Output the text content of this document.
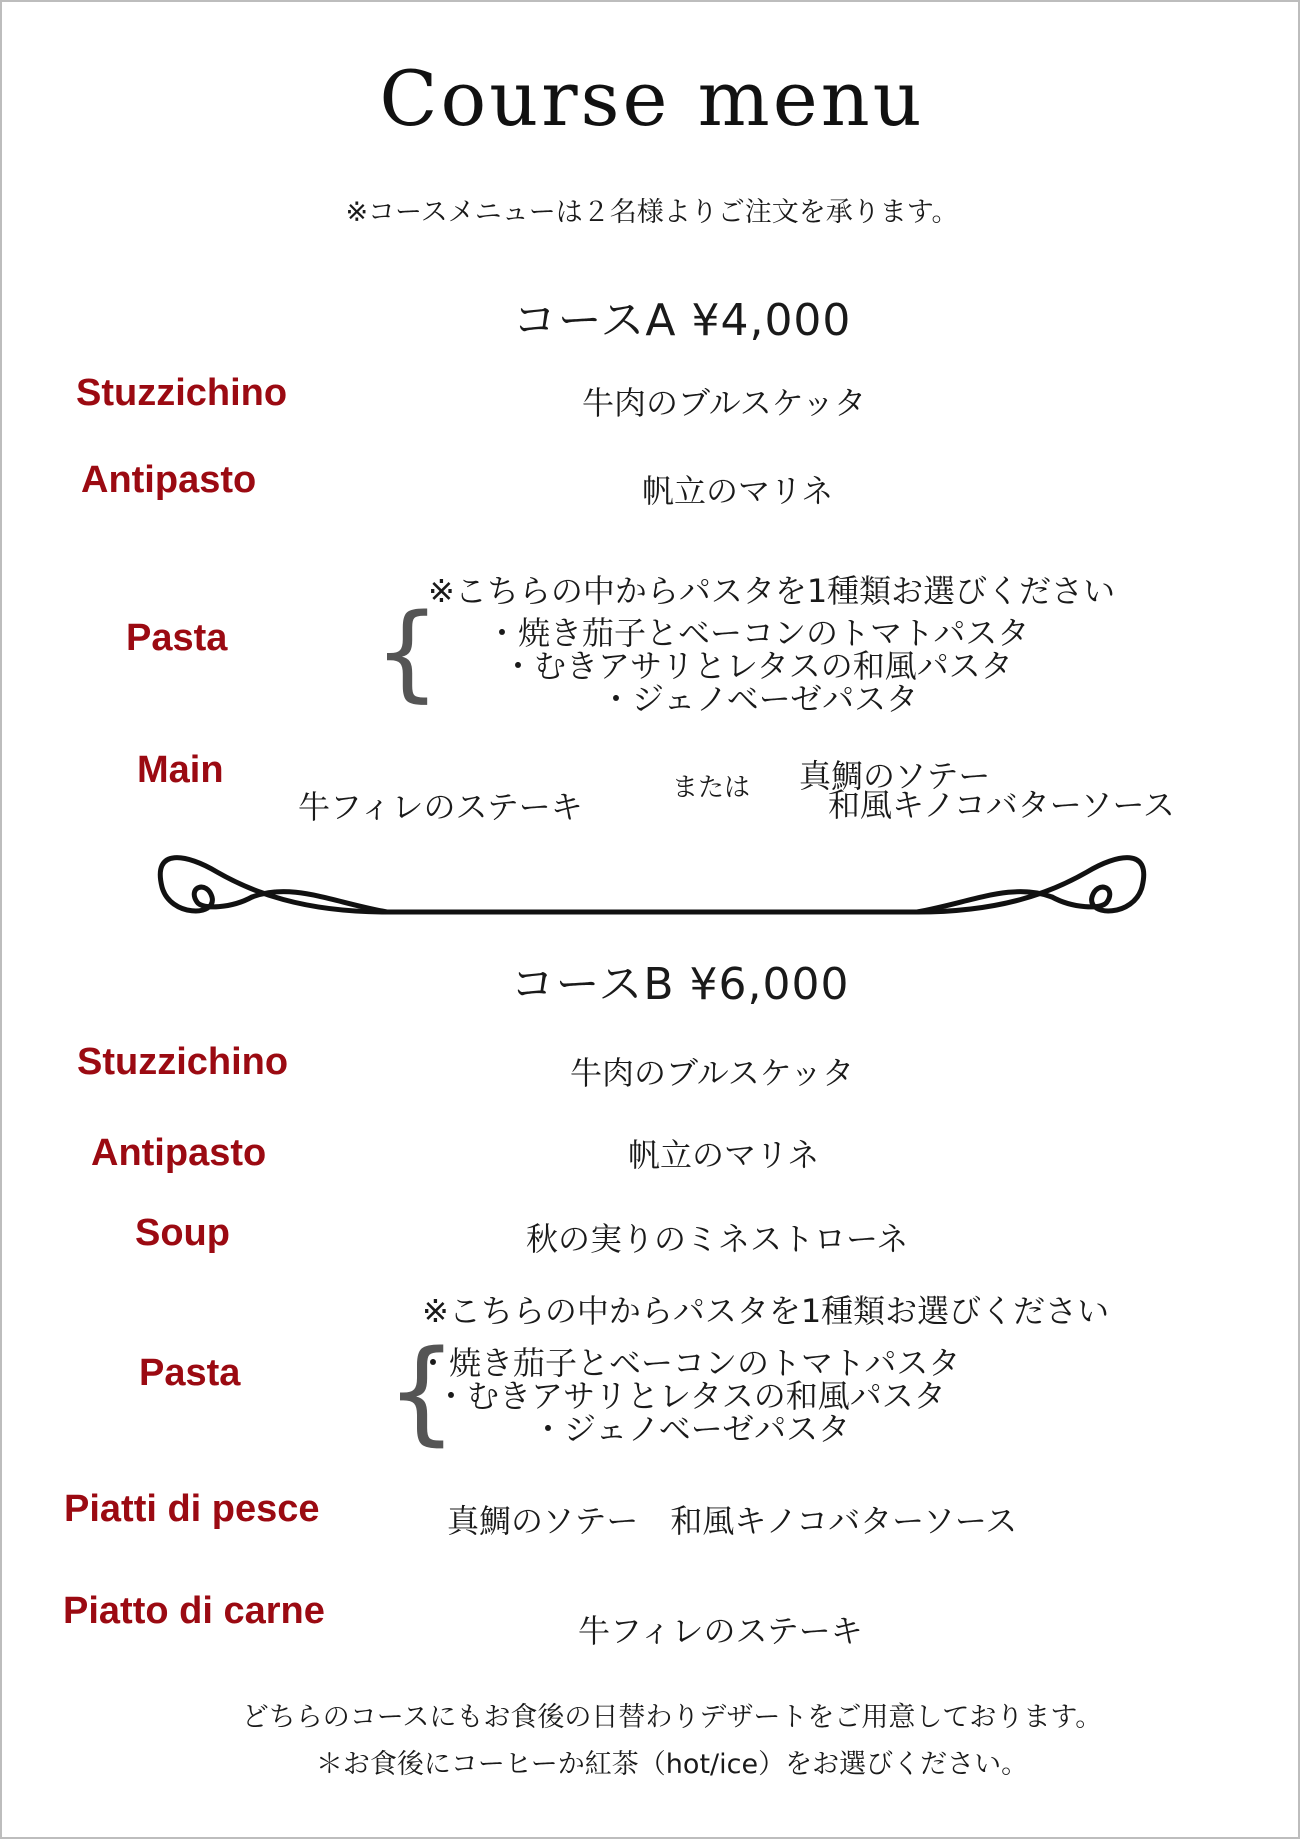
Course menu
※コースメニューは２名様よりご注文を承ります。
コースA ¥4,000
Stuzzichino	牛肉のブルスケッタ
Antipasto	帆立のマリネ
※こちらの中からパスタを1種類お選びください
Pasta { ・焼き茄子とベーコンのトマトパスタ
・むきアサリとレタスの和風パスタ
・ジェノベーゼパスタ
Main
牛フィレのステーキ	または 真鯛のソテー
和風キノコバターソース
コースB ¥6,000
Stuzzichino	牛肉のブルスケッタ
Antipasto	帆立のマリネ
Soup	秋の実りのミネストローネ
※こちらの中からパスタを1種類お選びください
Pasta {
・焼き茄子とベーコンのトマトパスタ
・むきアサリとレタスの和風パスタ
・ジェノベーゼパスタ
Piatti di pesce	真鯛のソテー　和風キノコバターソース
Piatto di carne	牛フィレのステーキ
どちらのコースにもお食後の日替わりデザートをご用意しております。
＊お食後にコーヒーか紅茶（hot/ice）をお選びください。
